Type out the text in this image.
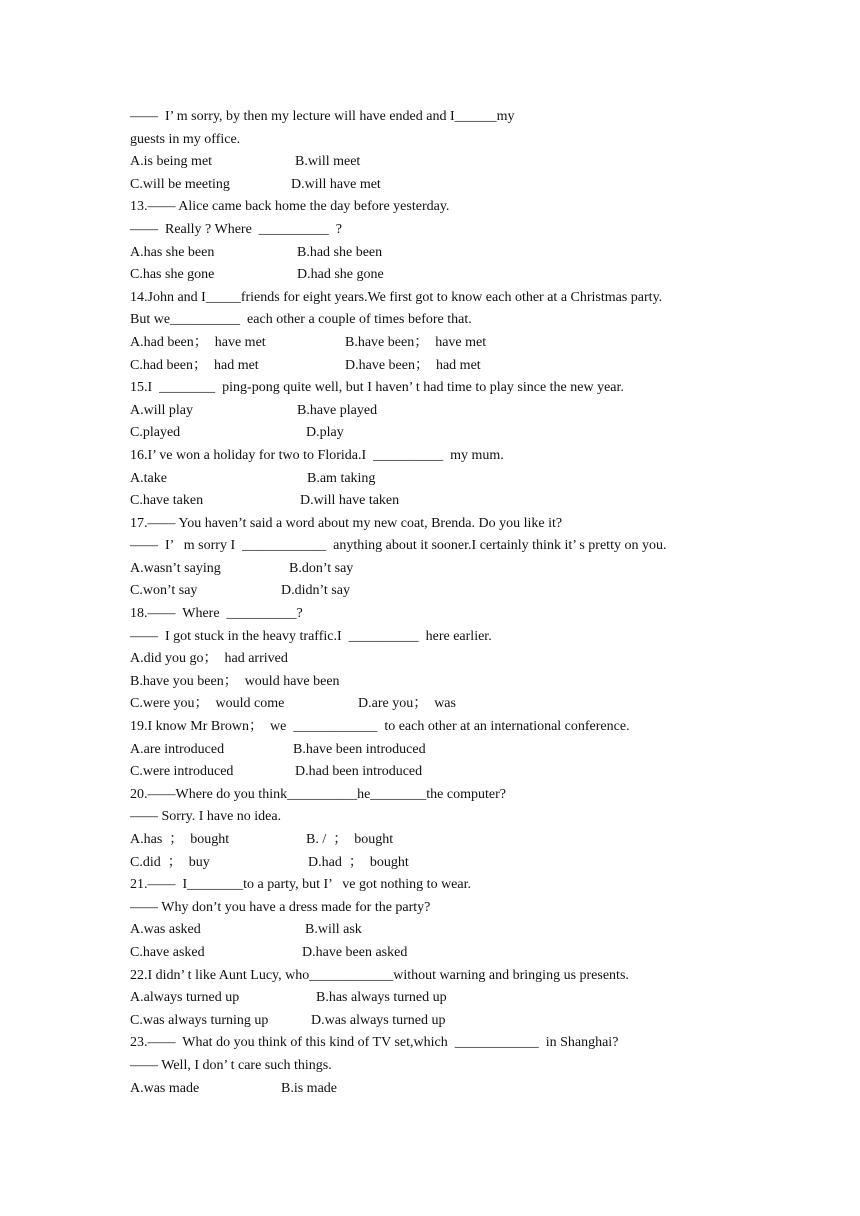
——  I’ m sorry, by then my lecture will have ended and I______my
guests in my office.
A.is being met	B.will meet
C.will be meeting	D.will have met
13.—— Alice came back home the day before yesterday.
——  Really ? Where  __________  ?
A.has she been	B.had she been
C.has she gone	D.had she gone
14.John and I_____friends for eight years.We first got to know each other at a Christmas party.
But we__________  each other a couple of times before that.
A.had been；  have met	B.have been；  have met
C.had been；  had met	D.have been；  had met
15.I  ________  ping-pong quite well, but I haven’ t had time to play since the new year.
A.will play	B.have played
C.played	D.play
16.I’ ve won a holiday for two to Florida.I  __________  my mum.
A.take	B.am taking
C.have taken	D.will have taken
17.—— You haven’t said a word about my new coat, Brenda. Do you like it?
——  I’   m sorry I  ____________  anything about it sooner.I certainly think it’ s pretty on you.
A.wasn’t saying	B.don’t say
C.won’t say	D.didn’t say
18.——  Where  __________?
——  I got stuck in the heavy traffic.I  __________  here earlier.
A.did you go；  had arrived
B.have you been；  would have been
C.were you；  would come	D.are you；  was
19.I know Mr Brown；  we  ____________  to each other at an international conference.
A.are introduced	B.have been introduced
C.were introduced	D.had been introduced
20.——Where do you think__________he________the computer?
—— Sorry. I have no idea.
A.has  ；  bought	B. /  ；  bought
C.did  ；  buy	D.had  ；  bought
21.——  I________to a party, but I’   ve got nothing to wear.
—— Why don’t you have a dress made for the party?
A.was asked	B.will ask
C.have asked	D.have been asked
22.I didn’ t like Aunt Lucy, who____________without warning and bringing us presents.
A.always turned up	B.has always turned up
C.was always turning up	D.was always turned up
23.——  What do you think of this kind of TV set,which  ____________  in Shanghai?
—— Well, I don’ t care such things.
A.was made	B.is made
